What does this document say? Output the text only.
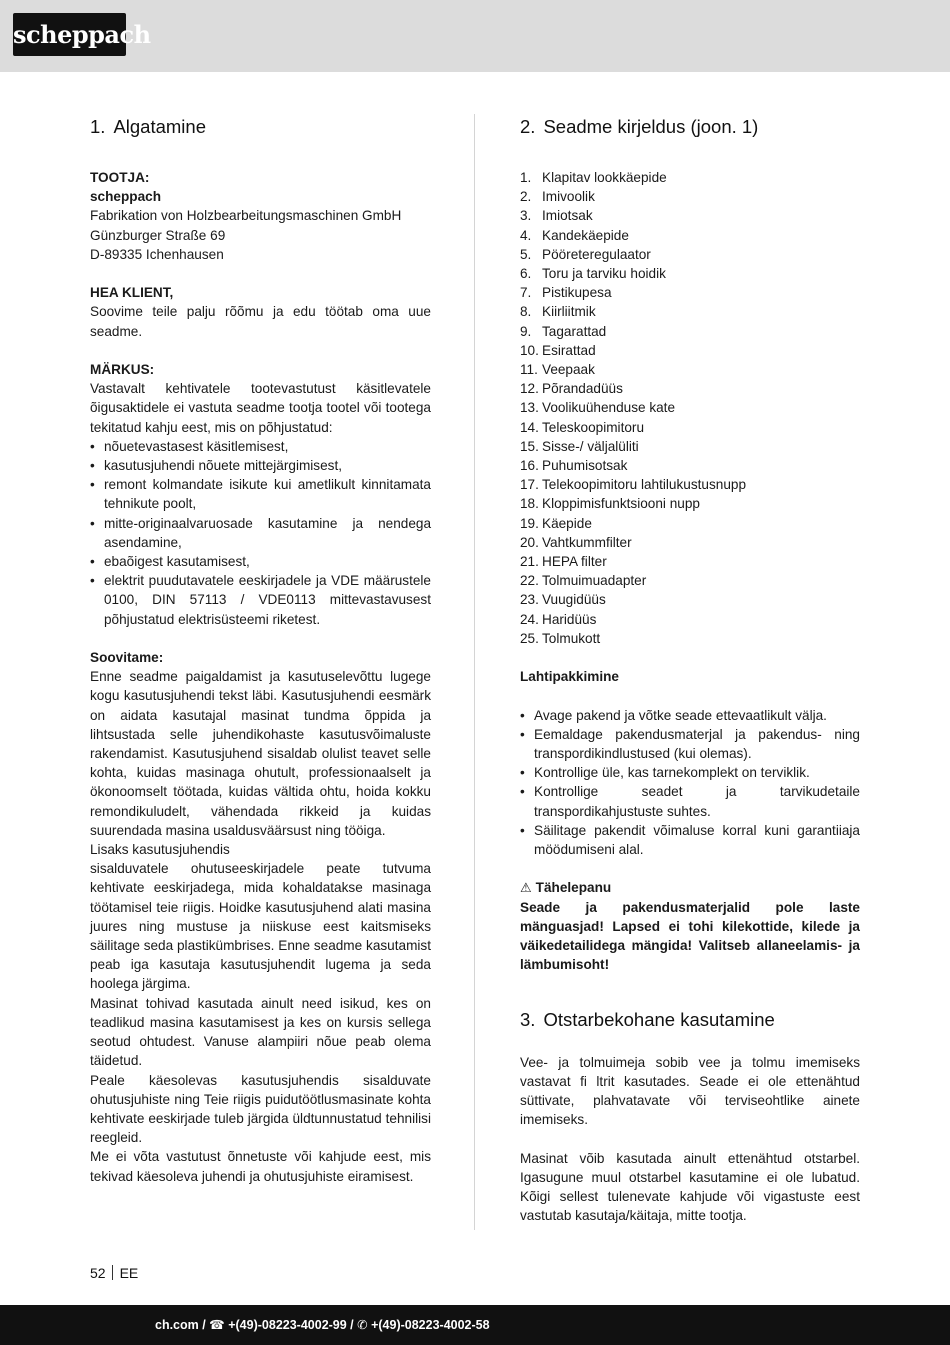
scheppach
1. Algatamine

TOOTJA:

scheppach

Fabrikation von Holzbearbeitungsmaschinen GmbH

Günzburger Straße 69

D-89335 Ichenhausen

HEA KLIENT,

Soovime teile palju rõõmu ja edu töötab oma uue seadme.

MÄRKUS:

Vastavalt kehtivatele tootevastutust käsitlevatele õigusaktidele ei vastuta seadme tootja tootel või tootega tekitatud kahju eest, mis on põhjustatud:

• nõuetevastasest käsitlemisest,
• kasutusjuhendi nõuete mittejärgimisest,
• remont kolmandate isikute kui ametlikult kinnitamata tehnikute poolt,
• mitte-originaalvaruosade kasutamine ja nendega asendamine,
• ebaõigest kasutamisest,
• elektrit puudutavatele eeskirjadele ja VDE määrustele 0100, DIN 57113 / VDE0113 mittevastavusest põhjustatud elektrisüsteemi riketest.

Soovitame:

Enne seadme paigaldamist ja kasutuselevõttu lugege kogu kasutusjuhendi tekst läbi. Kasutusjuhendi eesmärk on aidata kasutajal masinat tundma õppida ja lihtsustada selle juhendikohaste kasutusvõimaluste rakendamist. Kasutusjuhend sisaldab olulist teavet selle kohta, kuidas masinaga ohutult, professionaalselt ja ökonoomselt töötada, kuidas vältida ohtu, hoida kokku remondikuludelt, vähendada rikkeid ja kuidas suurendada masina usaldusväärsust ning tööiga.

Lisaks kasutusjuhendis

sisalduvatele ohutuseeskirjadele peate tutvuma kehtivate eeskirjadega, mida kohaldatakse masinaga töötamisel teie riigis. Hoidke kasutusjuhend alati masina juures ning mustuse ja niiskuse eest kaitsmiseks säilitage seda plastikümbrises. Enne seadme kasutamist peab iga kasutaja kasutusjuhendit lugema ja seda hoolega järgima.

Masinat tohivad kasutada ainult need isikud, kes on teadlikud masina kasutamisest ja kes on kursis sellega seotud ohtudest. Vanuse alampiiri nõue peab olema täidetud.

Peale käesolevas kasutusjuhendis sisalduvate ohutusjuhiste ning Teie riigis puidutöötlusmasinate kohta kehtivate eeskirjade tuleb järgida üldtunnustatud tehnilisi reegleid.

Me ei võta vastutust õnnetuste või kahjude eest, mis tekivad käesoleva juhendi ja ohutusjuhiste eiramisest.

2. Seadme kirjeldus (joon. 1)
1. Klapitav lookkäepide
2. Imivoolik
3. Imiotsak
4. Kandekäepide
5. Pööreteregulaator
6. Toru ja tarviku hoidik
7. Pistikupesa
8. Kiirliitmik
9. Tagarattad
10. Esirattad
11. Veepaak
12. Põrandadüüs
13. Voolikuühenduse kate
14. Teleskoopimitoru
15. Sisse-/ väljalüliti
16. Puhumisotsak
17. Telekoopimitoru lahtilukustusnupp
18. Kloppimisfunktsiooni nupp
19. Käepide
20. Vahtkummfilter
21. HEPA filter
22. Tolmuimuadapter
23. Vuugidüüs
24. Haridüüs
25. Tolmukott

Lahtipakkimine

• Avage pakend ja võtke seade ettevaatlikult välja.
• Eemaldage pakendusmaterjal ja pakendus- ning transpordikindlustused (kui olemas).
• Kontrollige üle, kas tarnekomplekt on terviklik.
• Kontrollige seadet ja tarvikudetaile transpordikahjustuste suhtes.
• Säilitage pakendit võimaluse korral kuni garantiiaja möödumiseni alal.

⚠ Tähelepanu

Seade ja pakendusmaterjalid pole laste mänguasjad! Lapsed ei tohi kilekottide, kilede ja väikedetailidega mängida! Valitseb allaneelamis- ja lämbumisoht!

3. Otstarbekohane kasutamine

Vee- ja tolmuimeja sobib vee ja tolmu imemiseks vastavat fi ltrit kasutades. Seade ei ole ettenähtud süttivate, plahvatavate või terviseohtlike ainete imemiseks.

Masinat võib kasutada ainult ettenähtud otstarbel. Igasugune muul otstarbel kasutamine ei ole lubatud. Kõigi sellest tulenevate kahjude või vigastuste eest vastutab kasutaja/käitaja, mitte tootja.

52 EE
ch.com / ☎ +(49)-08223-4002-99 / ✆ +(49)-08223-4002-58
